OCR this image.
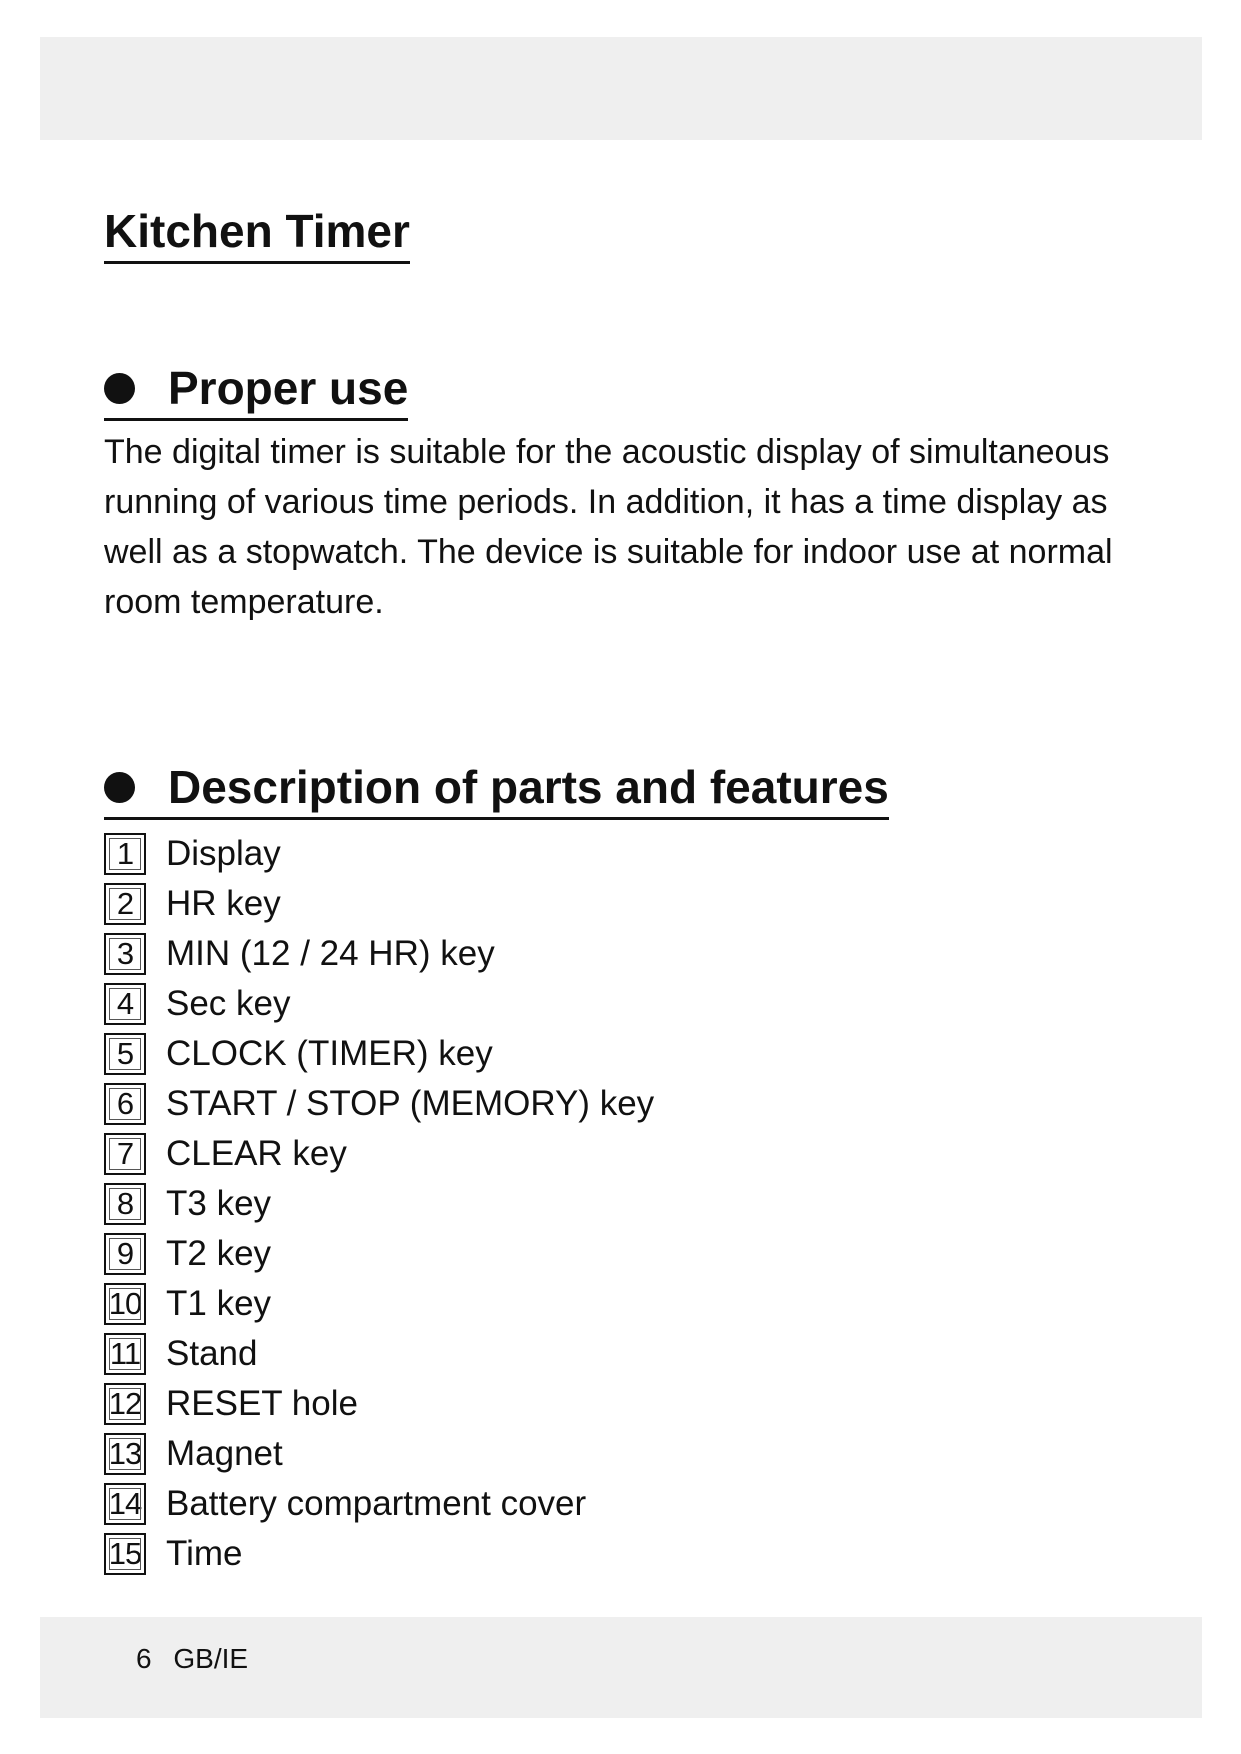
Kitchen Timer
Proper use

The digital timer is suitable for the acoustic display of simultaneous running of various time periods. In addition, it has a time display as well as a stopwatch. The device is suitable for indoor use at normal room temperature.

Description of parts and features
1 Display
2 HR key
3 MIN (12 / 24 HR) key
4 Sec key
5 CLOCK (TIMER) key
6 START / STOP (MEMORY) key
7 CLEAR key
8 T3 key
9 T2 key
10 T1 key
11 Stand
12 RESET hole
13 Magnet
14 Battery compartment cover
15 Time
6 GB/IE
